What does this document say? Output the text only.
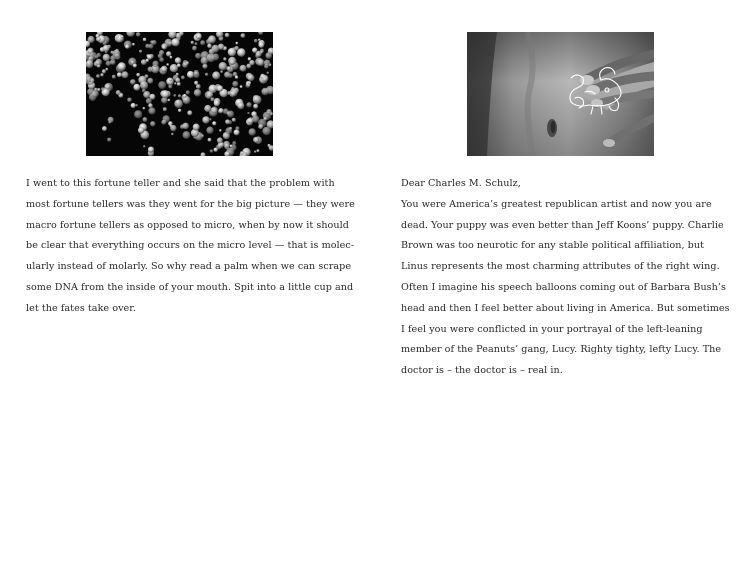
I went to this fortune teller and she said that the problem with
most fortune tellers was they went for the big picture — they were
macro fortune tellers as opposed to micro, when by now it should
be clear that everything occurs on the micro level — that is molec-
ularly instead of molarly. So why read a palm when we can scrape
some DNA from the inside of your mouth. Spit into a little cup and
let the fates take over.
Dear Charles M. Schulz,
You were America’s greatest republican artist and now you are
dead. Your puppy was even better than Jeff Koons’ puppy. Charlie
Brown was too neurotic for any stable political affiliation, but
Linus represents the most charming attributes of the right wing.
Often I imagine his speech balloons coming out of Barbara Bush’s
head and then I feel better about living in America. But sometimes
I feel you were conflicted in your portrayal of the left-leaning
member of the Peanuts’ gang, Lucy. Righty tighty, lefty Lucy. The
doctor is – the doctor is – real in.
